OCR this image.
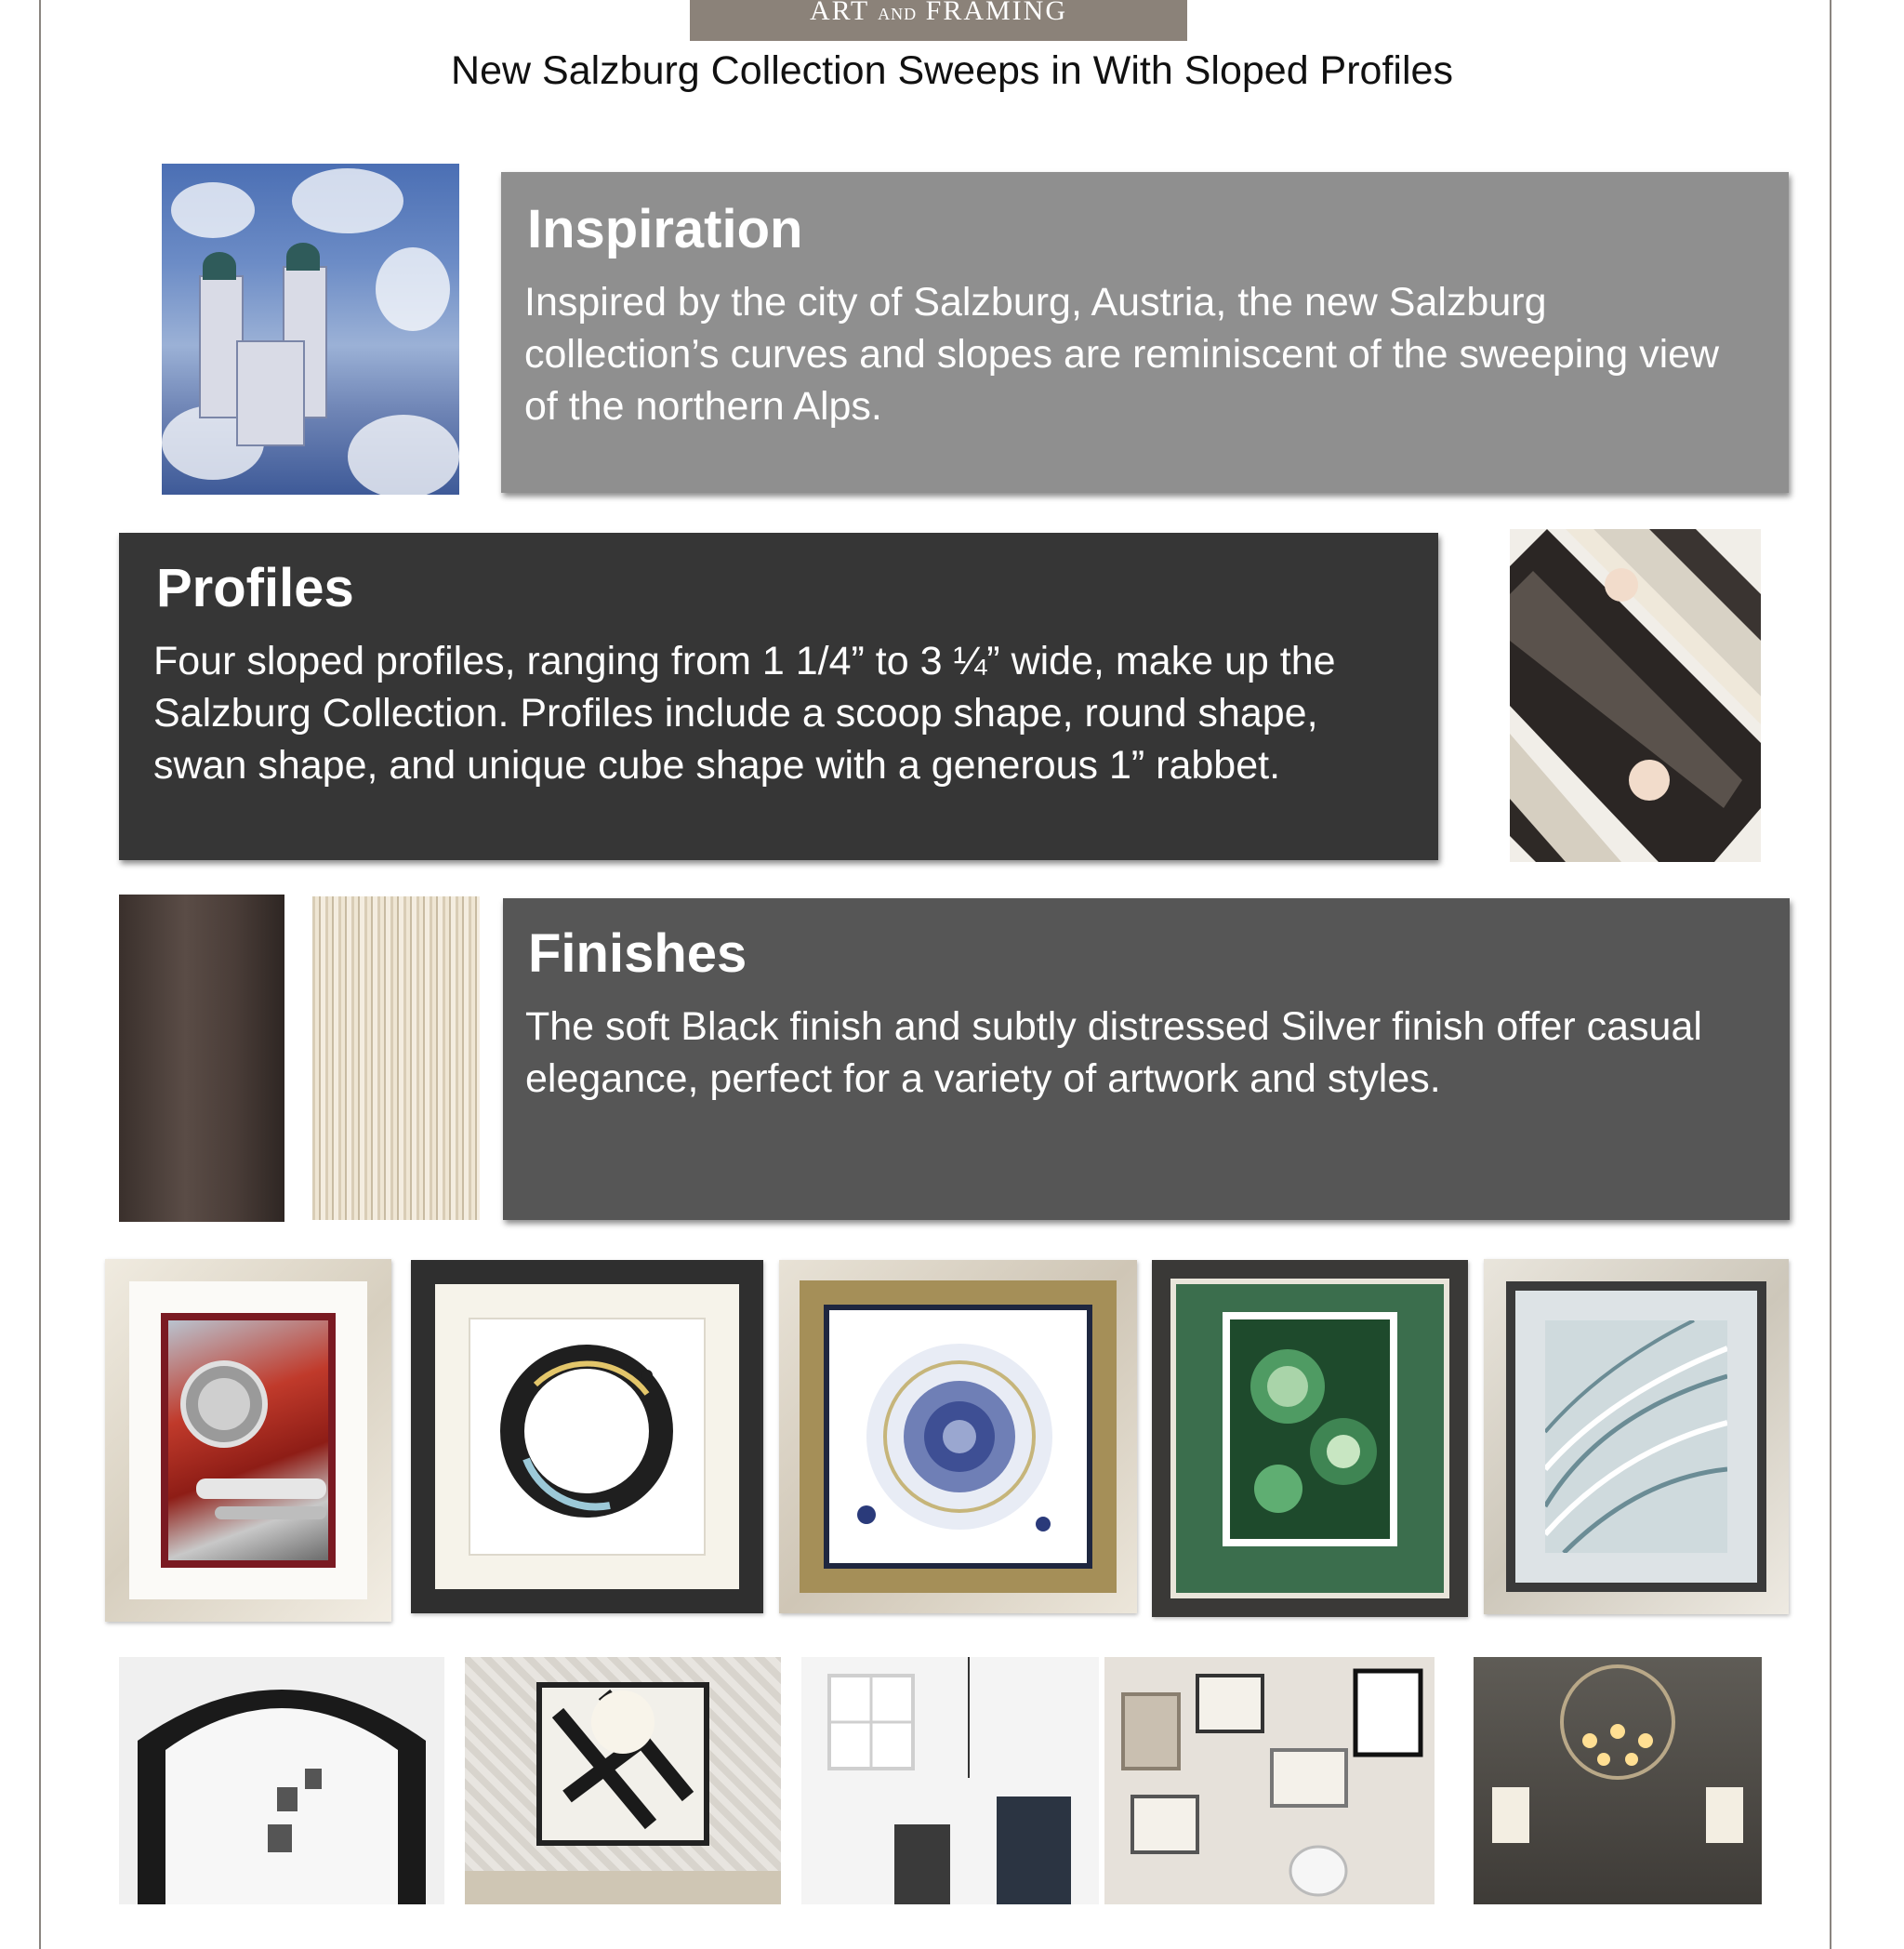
ART AND FRAMING
New Salzburg Collection Sweeps in With Sloped Profiles
Inspiration

Inspired by the city of Salzburg, Austria, the new Salzburg collection’s curves and slopes are reminiscent of the sweeping view of the northern Alps.

Profiles

Four sloped profiles, ranging from 1 1/4” to 3 ¼” wide, make up the Salzburg Collection. Profiles include a scoop shape, round shape, swan shape, and unique cube shape with a generous 1” rabbet.

Finishes

The soft Black finish and subtly distressed Silver finish offer casual elegance, perfect for a variety of artwork and styles.
